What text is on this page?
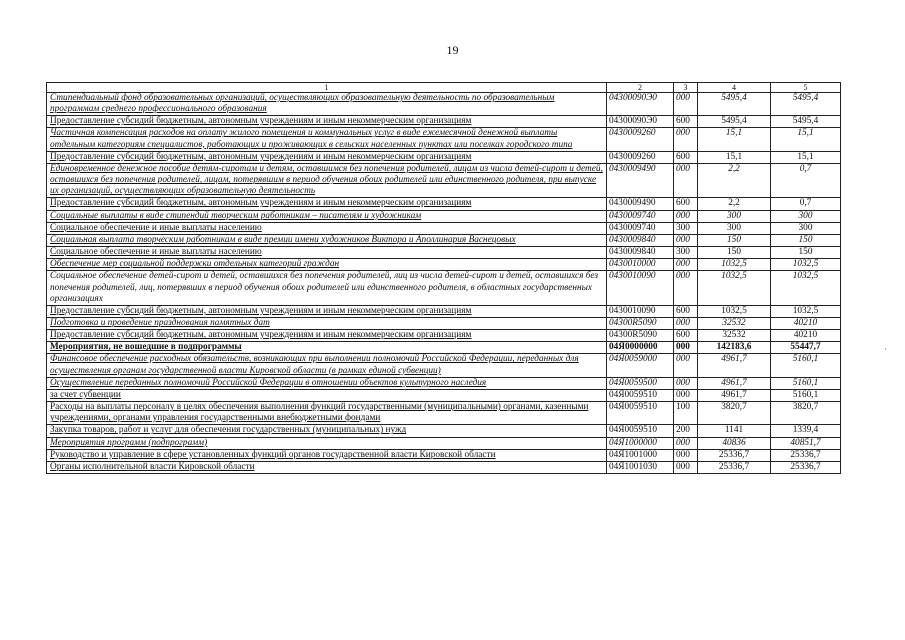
19
1	2	3	4	5
Стипендиальный фонд образовательных организаций, осуществляющих образовательную деятельность по образовательным программам среднего профессионального образования	04300090Э0	000	5495,4	5495,4
Предоставление субсидий бюджетным, автономным учреждениям и иным некоммерческим организациям	04300090Э0	600	5495,4	5495,4
Частичная компенсация расходов на оплату жилого помещения и коммунальных услуг в виде ежемесячной денежной выплаты отдельным категориям специалистов, работающих и проживающих в сельских населенных пунктах или поселках городского типа	0430009260	000	15,1	15,1
Предоставление субсидий бюджетным, автономным учреждениям и иным некоммерческим организациям	0430009260	600	15,1	15,1
Единовременное денежное пособие детям-сиротам и детям, оставшимся без попечения родителей, лицам из числа детей-сирот и детей, оставшихся без попечения родителей, лицам, потерявшим в период обучения обоих родителей или единственного родителя, при выпуске их организаций, осуществляющих образовательную деятельность	0430009490	000	2,2	0,7
Предоставление субсидий бюджетным, автономным учреждениям и иным некоммерческим организациям	0430009490	600	2,2	0,7
Социальные выплаты в виде стипендий творческим работникам – писателям и художникам	0430009740	000	300	300
Социальное обеспечение и иные выплаты населению	0430009740	300	300	300
Социальная выплата творческим работникам в виде премии имени художников Виктора и Аполлинария Васнецовых	0430009840	000	150	150
Социальное обеспечение и иные выплаты населению	0430009840	300	150	150
Обеспечение мер социальной поддержки отдельных категорий граждан	0430010000	000	1032,5	1032,5
Социальное обеспечение детей-сирот и детей, оставшихся без попечения родителей, лиц из числа детей-сирот и детей, оставшихся без попечения родителей, лиц, потерявших в период обучения обоих родителей или единственного родителя, в областных государственных организациях	0430010090	000	1032,5	1032,5
Предоставление субсидий бюджетным, автономным учреждениям и иным некоммерческим организациям	0430010090	600	1032,5	1032,5
Подготовка и проведение празднования памятных дат	04300R5090	000	32532	40210
Предоставление субсидий бюджетным, автономным учреждениям и иным некоммерческим организациям	04300R5090	600	32532	40210
Мероприятия, не вошедшие в подпрограммы	04Я0000000	000	142183,6	55447,7
Финансовое обеспечение расходных обязательств, возникающих при выполнении полномочий Российской Федерации, переданных для осуществления органам государственной власти Кировской области (в рамках единой субвенции)	04Я0059000	000	4961,7	5160,1
Осуществление переданных полномочий Российской Федерации в отношении объектов культурного наследия	04Я0059500	000	4961,7	5160,1
за счет субвенции	04Я0059510	000	4961,7	5160,1
Расходы на выплаты персоналу в целях обеспечения выполнения функций государственными (муниципальными) органами, казенными учреждениями, органами управления государственными внебюджетными фондами	04Я0059510	100	3820,7	3820,7
Закупка товаров, работ и услуг для обеспечения государственных (муниципальных) нужд	04Я0059510	200	1141	1339,4
Мероприятия программ (подпрограмм)	04Я1000000	000	40836	40851,7
Руководство и управление в сфере установленных функций органов государственной власти Кировской области	04Я1001000	000	25336,7	25336,7
Органы исполнительной власти Кировской области	04Я1001030	000	25336,7	25336,7
·
